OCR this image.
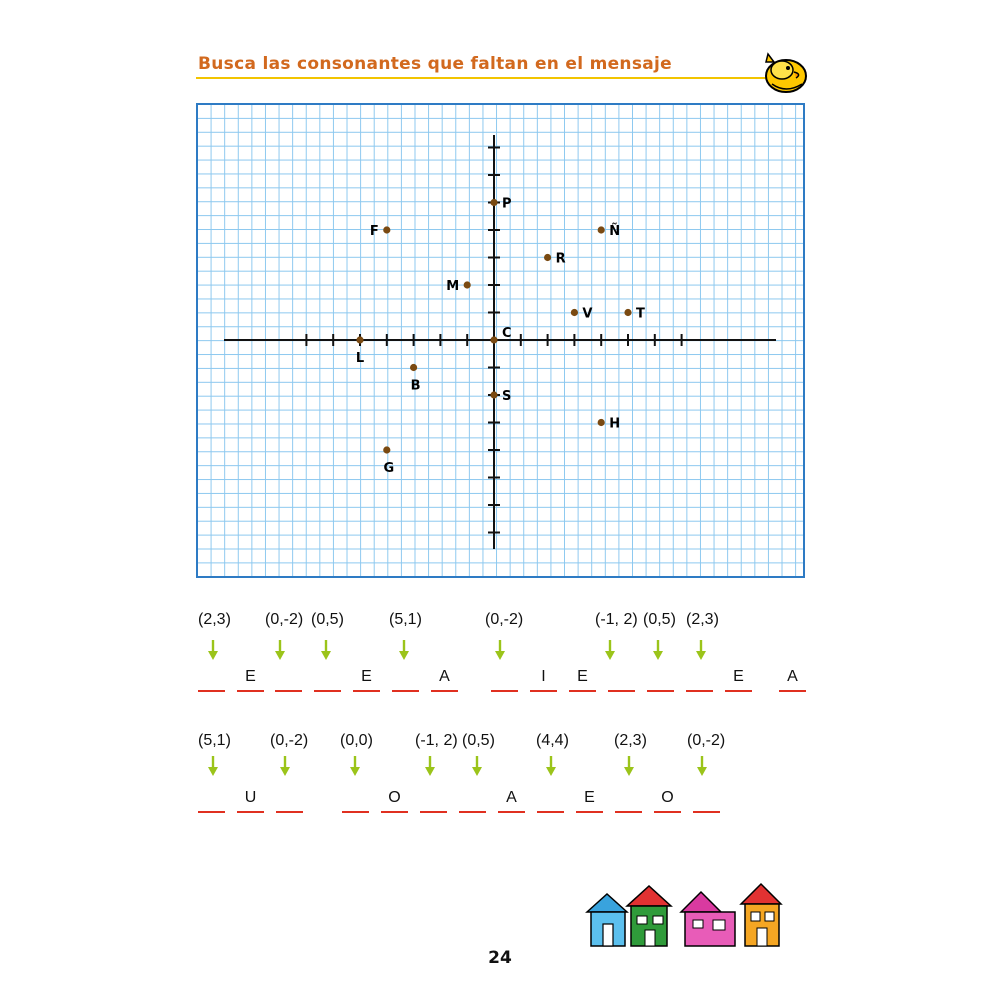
Busca las consonantes que faltan en el mensaje
P
Ñ
F
R
M
V	T
C
L
B
S
H
G
(2,3) (0,-2) (0,5)	(5,1)	(0,-2)	(-1, 2) (0,5) (2,3)
E	E	A	I	E	E	A
(5,1) (0,-2) (0,0)	(-1, 2) (0,5)	(4,4)	(2,3)	(0,-2)
U	O	A	E	O
24
